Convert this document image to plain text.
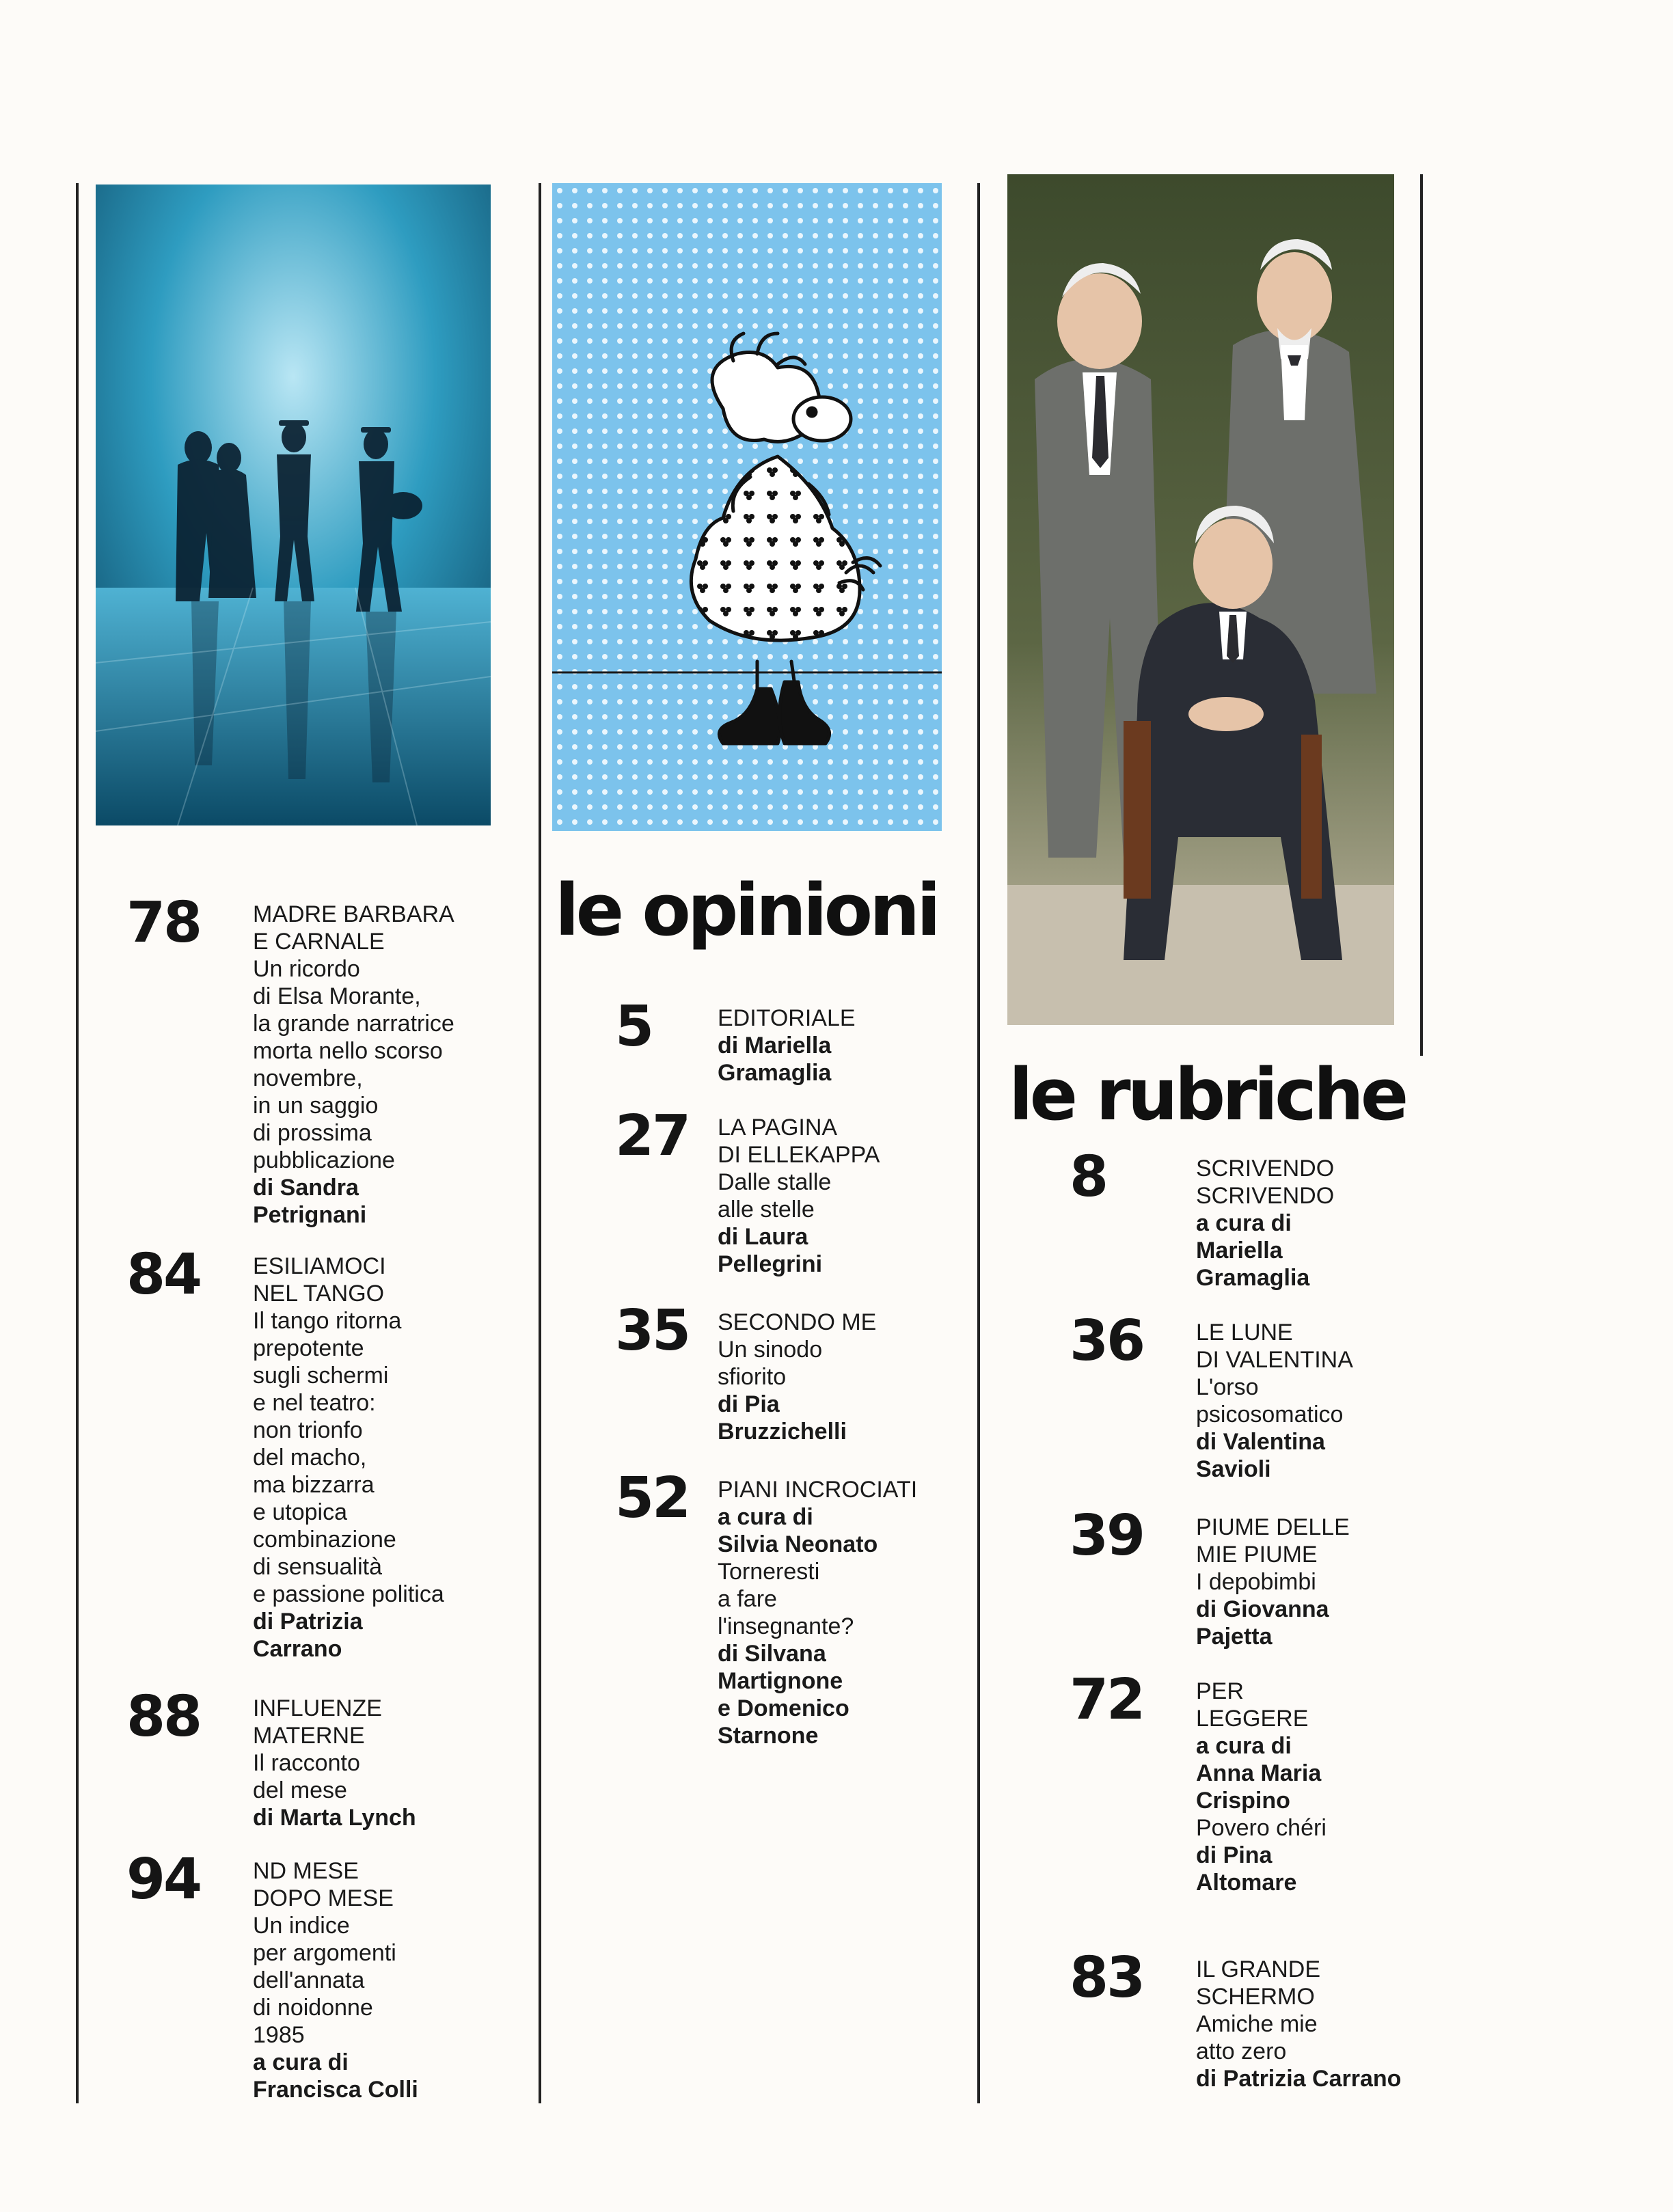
le opinioni
le rubriche
78 MADRE BARBARA
E CARNALE
Un ricordo
di Elsa Morante,
la grande narratrice
morta nello scorso
novembre,
in un saggio
di prossima
pubblicazione
di Sandra
Petrignani
84 ESILIAMOCI
NEL TANGO
Il tango ritorna
prepotente
sugli schermi
e nel teatro:
non trionfo
del macho,
ma bizzarra
e utopica
combinazione
di sensualità
e passione politica
di Patrizia
Carrano
88 INFLUENZE
MATERNE
Il racconto
del mese
di Marta Lynch
94 ND MESE
DOPO MESE
Un indice
per argomenti
dell'annata
di noidonne
1985
a cura di
Francisca Colli
5	EDITORIALE
di Mariella
Gramaglia
27 LA PAGINA
DI ELLEKAPPA
Dalle stalle
alle stelle
di Laura
Pellegrini
35 SECONDO ME
Un sinodo
sfiorito
di Pia
Bruzzichelli
52 PIANI INCROCIATI
a cura di
Silvia Neonato
Torneresti
a fare
l'insegnante?
di Silvana
Martignone
e Domenico
Starnone
8	SCRIVENDO
SCRIVENDO
a cura di
Mariella
Gramaglia
36 LE LUNE
DI VALENTINA
L'orso
psicosomatico
di Valentina
Savioli
39 PIUME DELLE
MIE PIUME
I depobimbi
di Giovanna
Pajetta
72 PER
LEGGERE
a cura di
Anna Maria
Crispino
Povero chéri
di Pina
Altomare
83 IL GRANDE
SCHERMO
Amiche mie
atto zero
di Patrizia Carrano
